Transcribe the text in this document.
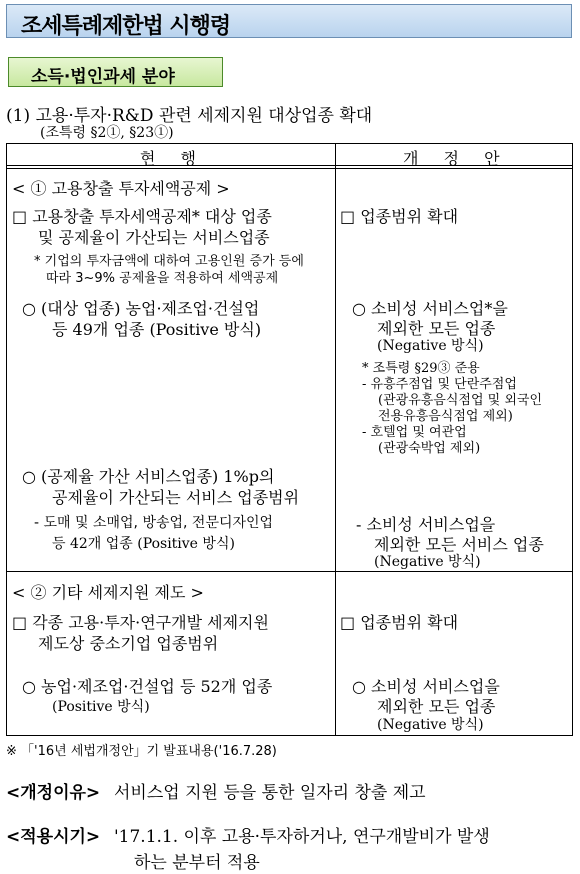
조세특례제한법 시행령
소득·법인과세 분야
(1) 고용·투자·R&D 관련 세제지원 대상업종 확대
(조특령 §2①, §23①)
현 행	개 정 안
< ① 고용창출 투자세액공제 >
□ 고용창출 투자세액공제* 대상 업종
및 공제율이 가산되는 서비스업종
* 기업의 투자금액에 대하여 고용인원 증가 등에
따라 3~9% 공제율을 적용하여 세액공제
○ (대상 업종) 농업·제조업·건설업
등 49개 업종 (Positive 방식)
○ (공제율 가산 서비스업종) 1%p의
공제율이 가산되는 서비스 업종범위
- 도매 및 소매업, 방송업, 전문디자인업
등 42개 업종 (Positive 방식)
□ 업종범위 확대
○ 소비성 서비스업*을
제외한 모든 업종
(Negative 방식)
* 조특령 §29③ 준용
- 유흥주점업 및 단란주점업
(관광유흥음식점업 및 외국인
전용유흥음식점업 제외)
- 호텔업 및 여관업
(관광숙박업 제외)
- 소비성 서비스업을
제외한 모든 서비스 업종
(Negative 방식)
< ② 기타 세제지원 제도 >
□ 각종 고용·투자·연구개발 세제지원
제도상 중소기업 업종범위
○ 농업·제조업·건설업 등 52개 업종
(Positive 방식)
□ 업종범위 확대
○ 소비성 서비스업을
제외한 모든 업종
(Negative 방식)
※ 「'16년 세법개정안」기 발표내용('16.7.28)
<개정이유> 서비스업 지원 등을 통한 일자리 창출 제고
<적용시기> '17.1.1. 이후 고용·투자하거나, 연구개발비가 발생
하는 분부터 적용
